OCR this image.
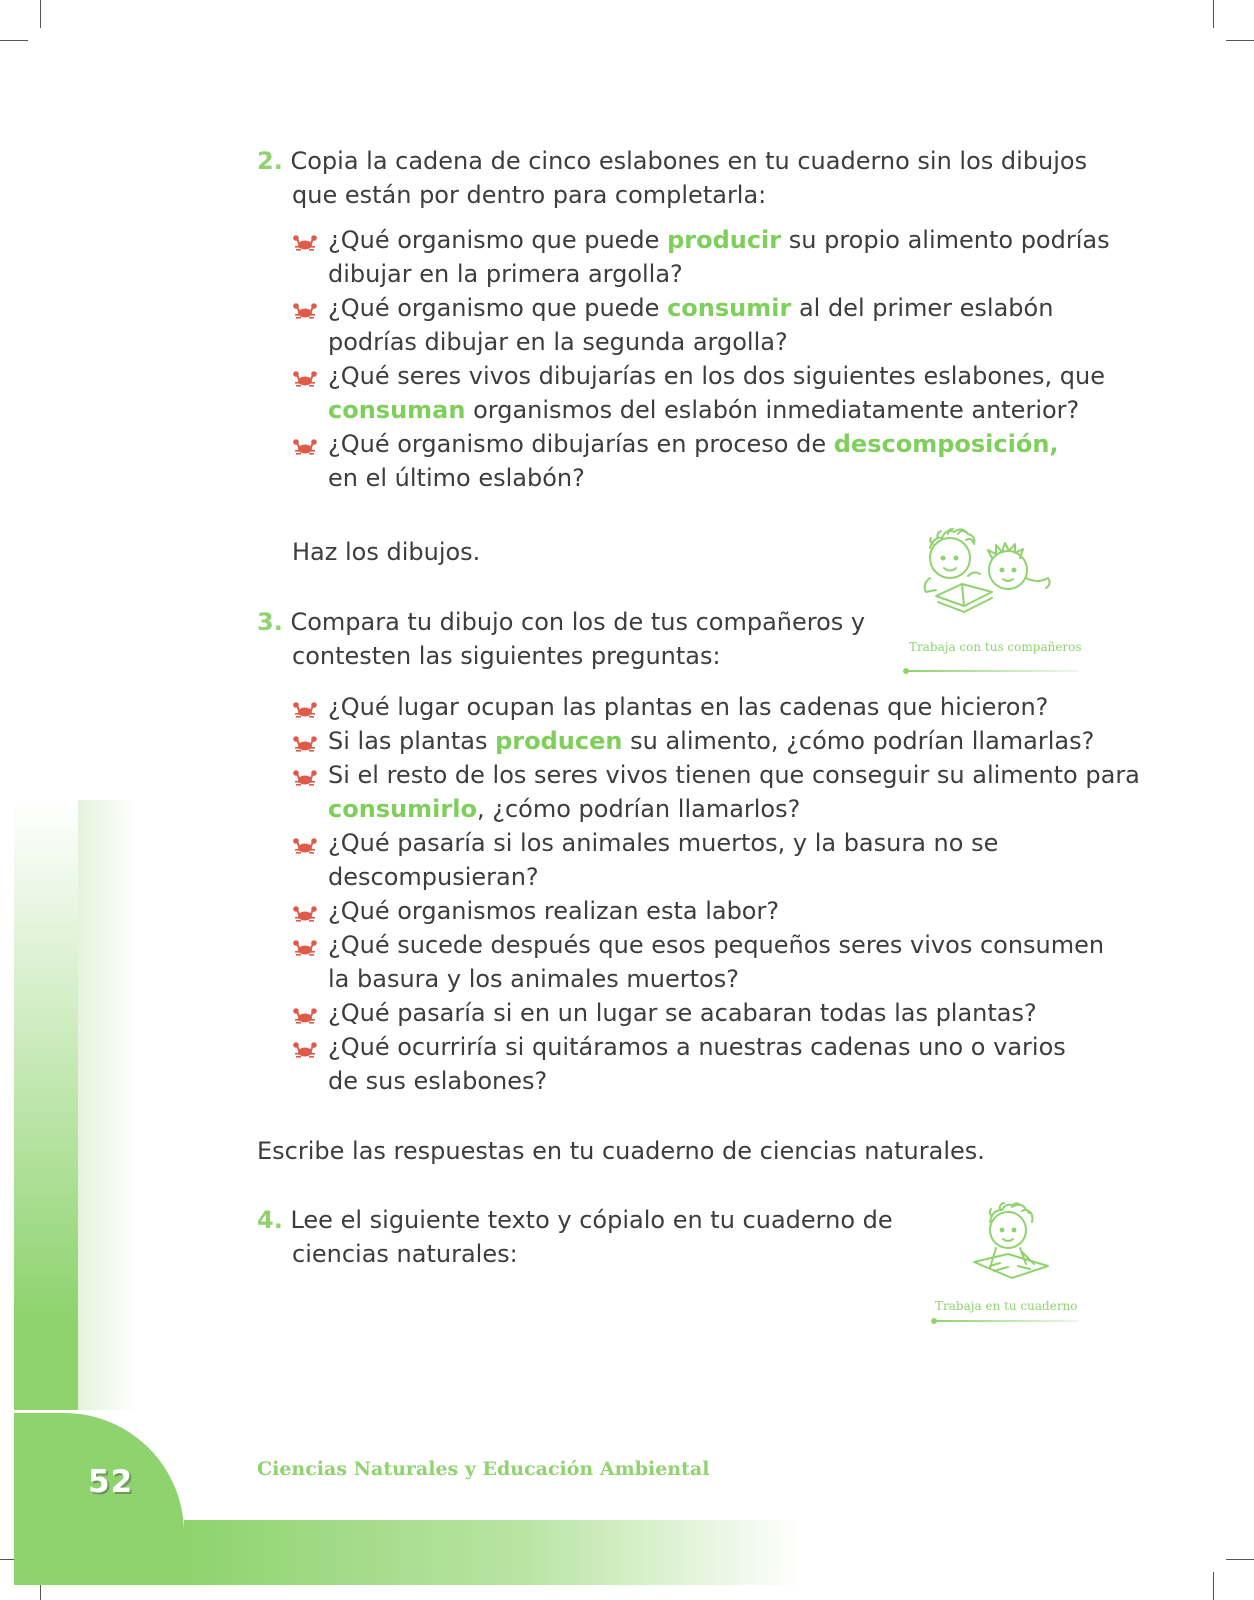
2. Copia la cadena de cinco eslabones en tu cuaderno sin los dibujos
que están por dentro para completarla:
¿Qué organismo que puede producir su propio alimento podrías
dibujar en la primera argolla?
¿Qué organismo que puede consumir al del primer eslabón
podrías dibujar en la segunda argolla?
¿Qué seres vivos dibujarías en los dos siguientes eslabones, que
consuman organismos del eslabón inmediatamente anterior?
¿Qué organismo dibujarías en proceso de descomposición,
en el último eslabón?
Haz los dibujos.
3. Compara tu dibujo con los de tus compañeros y
contesten las siguientes preguntas:
¿Qué lugar ocupan las plantas en las cadenas que hicieron?
Si las plantas producen su alimento, ¿cómo podrían llamarlas?
Si el resto de los seres vivos tienen que conseguir su alimento para
consumirlo, ¿cómo podrían llamarlos?
¿Qué pasaría si los animales muertos, y la basura no se
descompusieran?
¿Qué organismos realizan esta labor?
¿Qué sucede después que esos pequeños seres vivos consumen
la basura y los animales muertos?
¿Qué pasaría si en un lugar se acabaran todas las plantas?
¿Qué ocurriría si quitáramos a nuestras cadenas uno o varios
de sus eslabones?
Escribe las respuestas en tu cuaderno de ciencias naturales.
4. Lee el siguiente texto y cópialo en tu cuaderno de
ciencias naturales:
Trabaja con tus compañeros
Trabaja en tu cuaderno
52	Ciencias Naturales y Educación Ambiental
